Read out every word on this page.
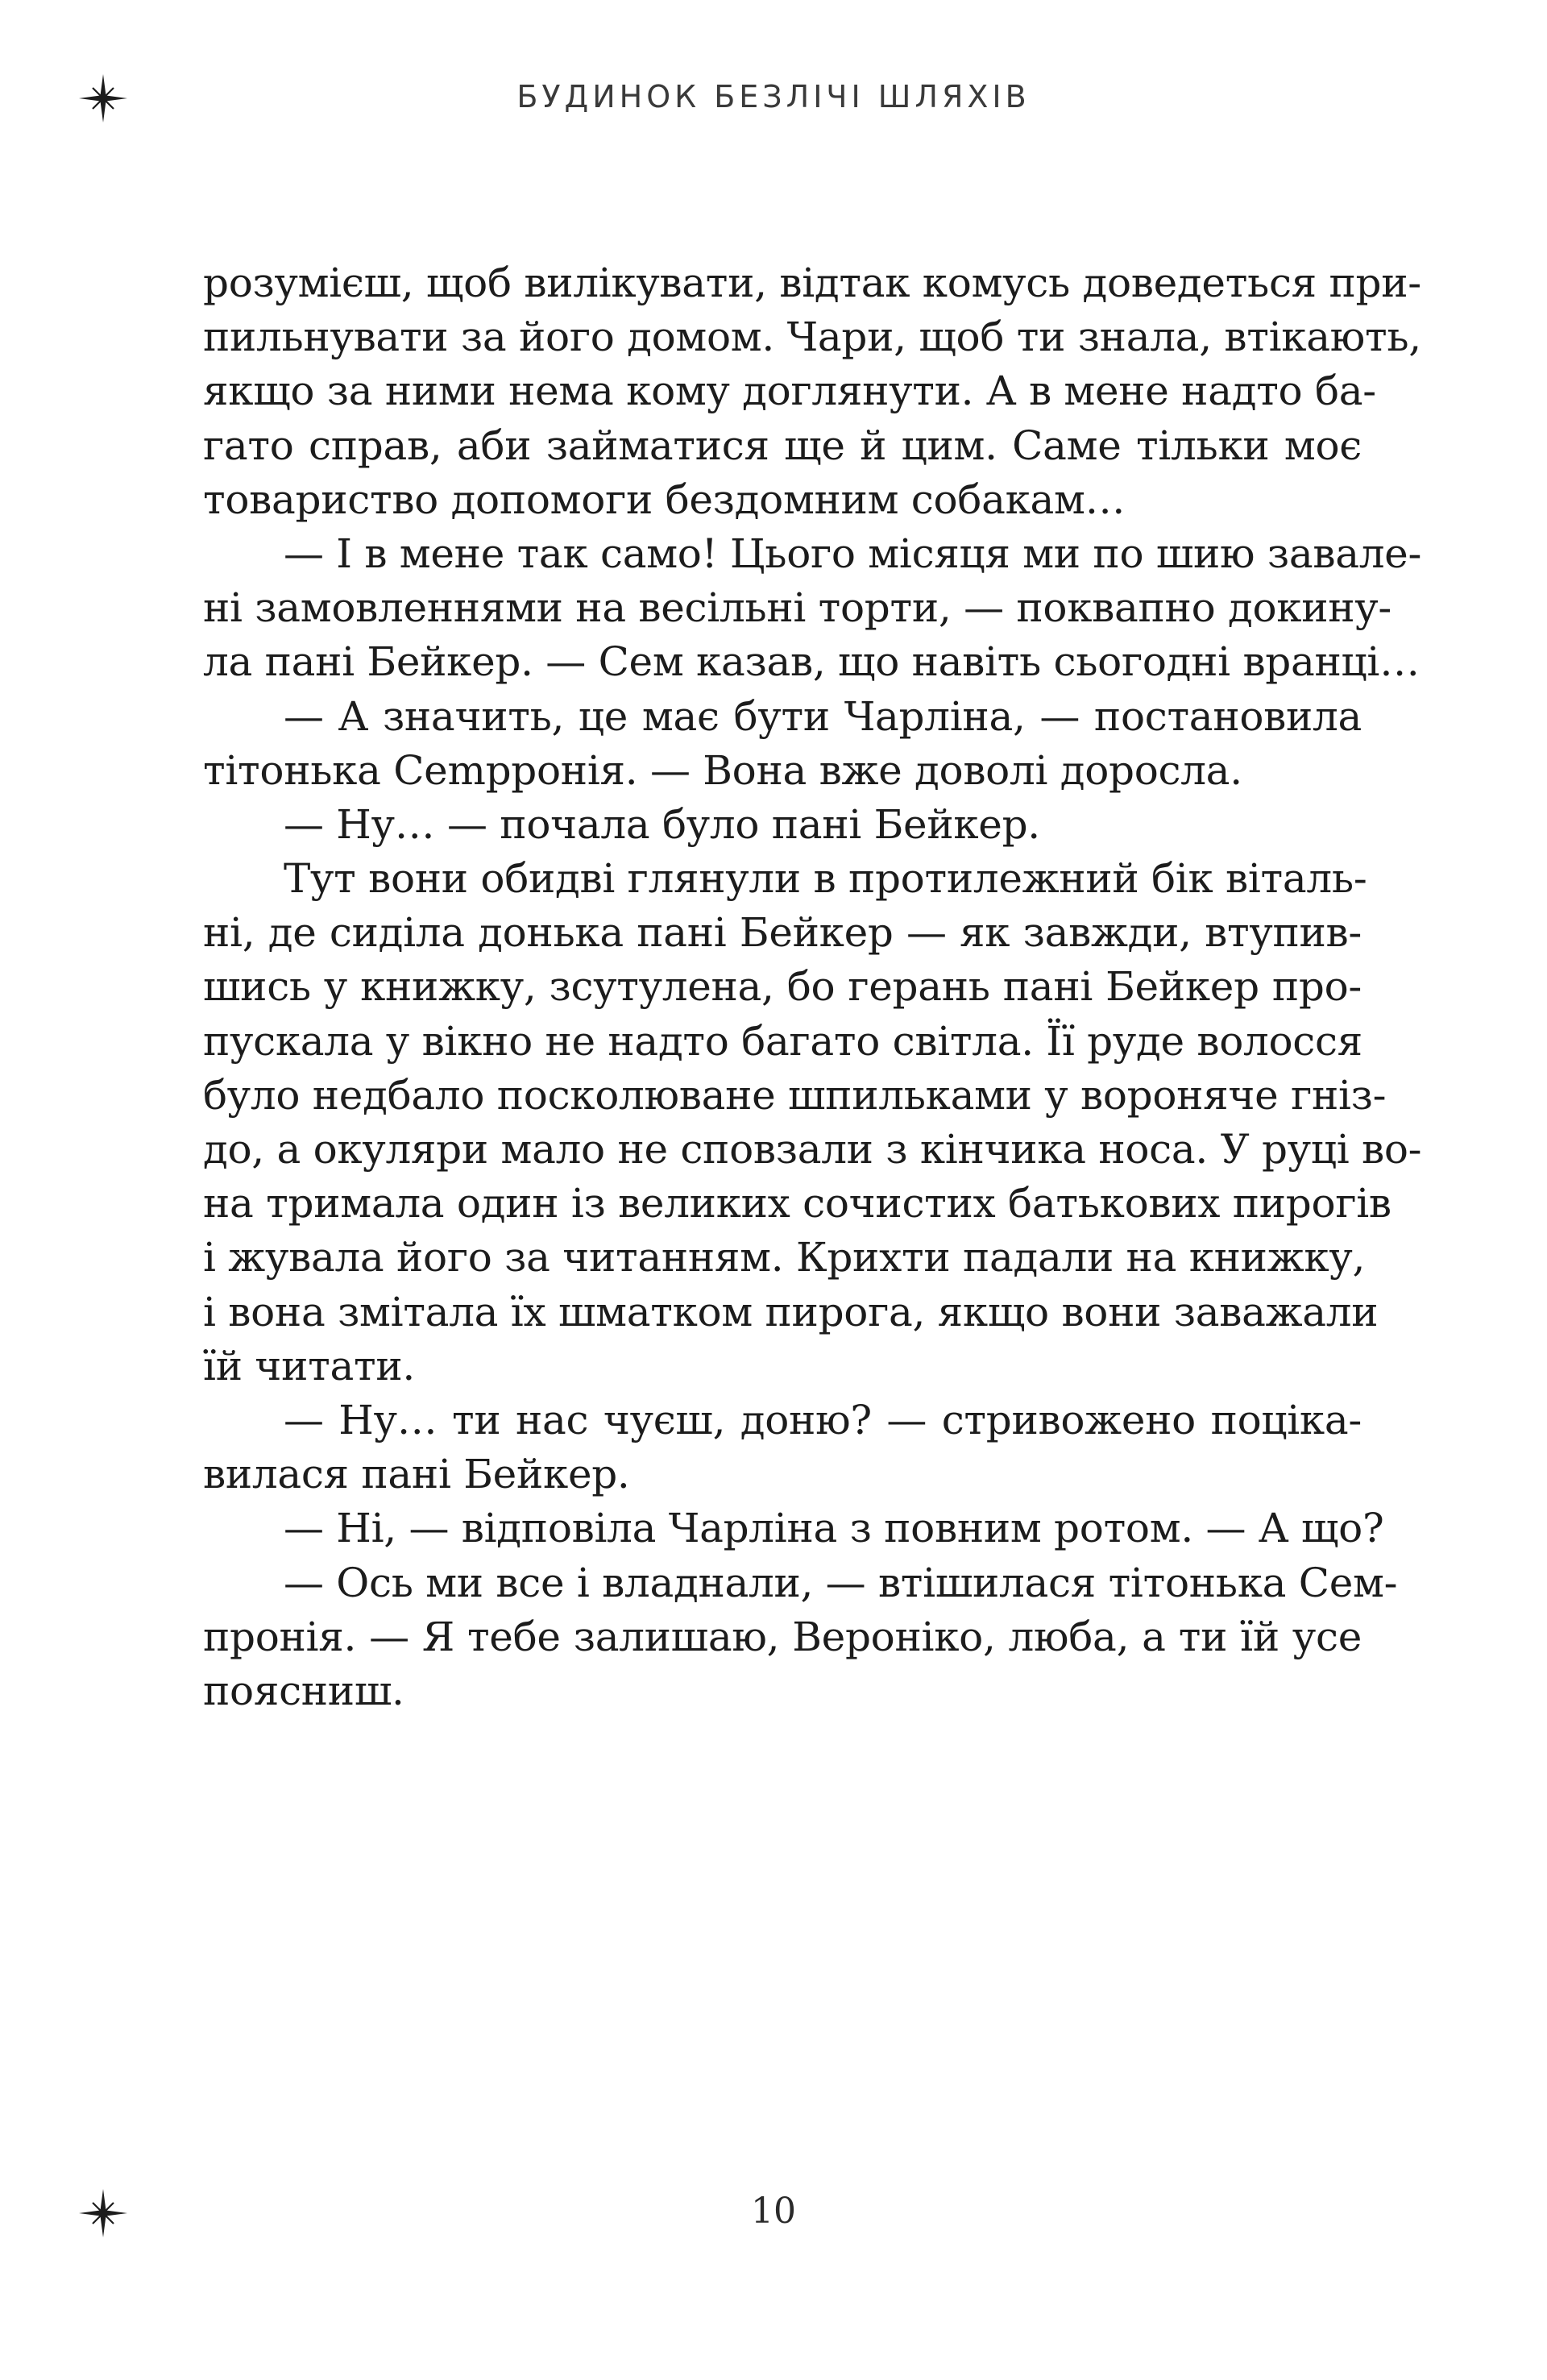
БУДИНОК БЕЗЛІЧІ ШЛЯХІВ
розумієш, щоб вилікувати, відтак комусь доведеться при-
пильнувати за його домом. Чари, щоб ти знала, втікають,
якщо за ними нема кому доглянути. А в мене надто ба-
гато справ, аби займатися ще й цим. Саме тільки моє
товариство допомоги бездомним собакам…
— І в мене так само! Цього місяця ми по шию завале-
ні замовленнями на весільні торти, — поквапно докину-
ла пані Бейкер. — Сем казав, що навіть сьогодні вранці…
— А значить, це має бути Чарліна, — постановила
тітонька Сempронія. — Вона вже доволі доросла.
— Ну… — почала було пані Бейкер.
Тут вони обидві глянули в протилежний бік віталь-
ні, де сиділа донька пані Бейкер — як завжди, втупив-
шись у книжку, зсутулена, бо герань пані Бейкер про-
пускала у вікно не надто багато світла. Її руде волосся
було недбало посколюване шпильками у вороняче гніз-
до, а окуляри мало не сповзали з кінчика носа. У руці во-
на тримала один із великих сочистих батькових пирогів
і жувала його за читанням. Крихти падали на книжку,
і вона змітала їх шматком пирога, якщо вони заважали
їй читати.
— Ну… ти нас чуєш, доню? — стривожено поціка-
вилася пані Бейкер.
— Ні, — відповіла Чарліна з повним ротом. — А що?
— Ось ми все і владнали, — втішилася тітонька Сем-
пронія. — Я тебе залишаю, Вероніко, люба, а ти їй усе
поясниш.
10
